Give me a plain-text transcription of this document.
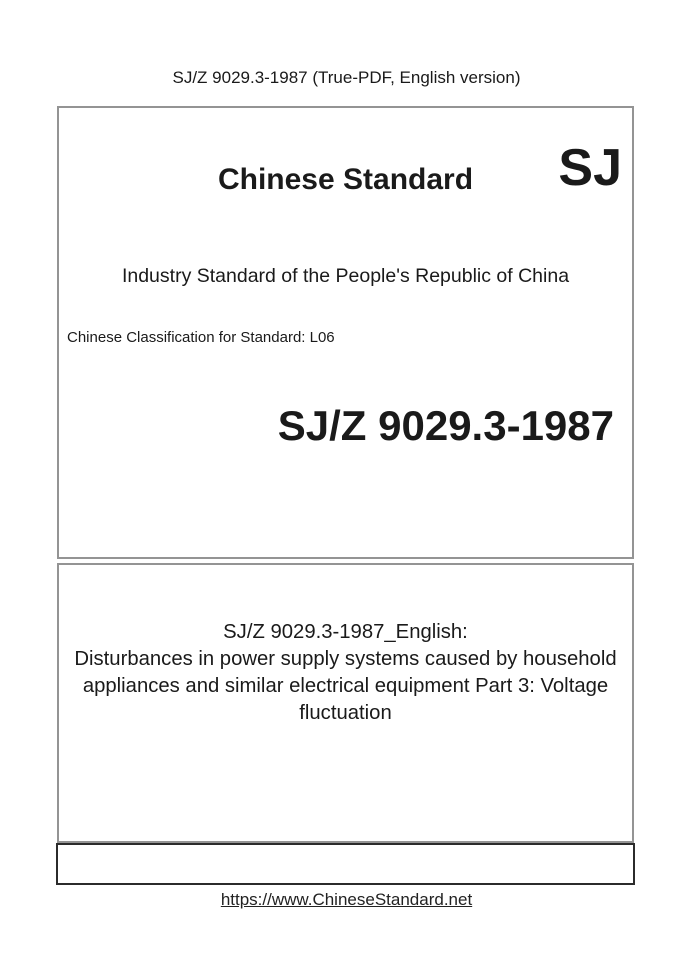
SJ/Z 9029.3-1987 (True-PDF, English version)
Chinese Standard	SJ
Industry Standard of the People's Republic of China
Chinese Classification for Standard: L06
SJ/Z 9029.3-1987
SJ/Z 9029.3-1987_English:
Disturbances in power supply systems caused by household
appliances and similar electrical equipment Part 3: Voltage
fluctuation
https://www.ChineseStandard.net
